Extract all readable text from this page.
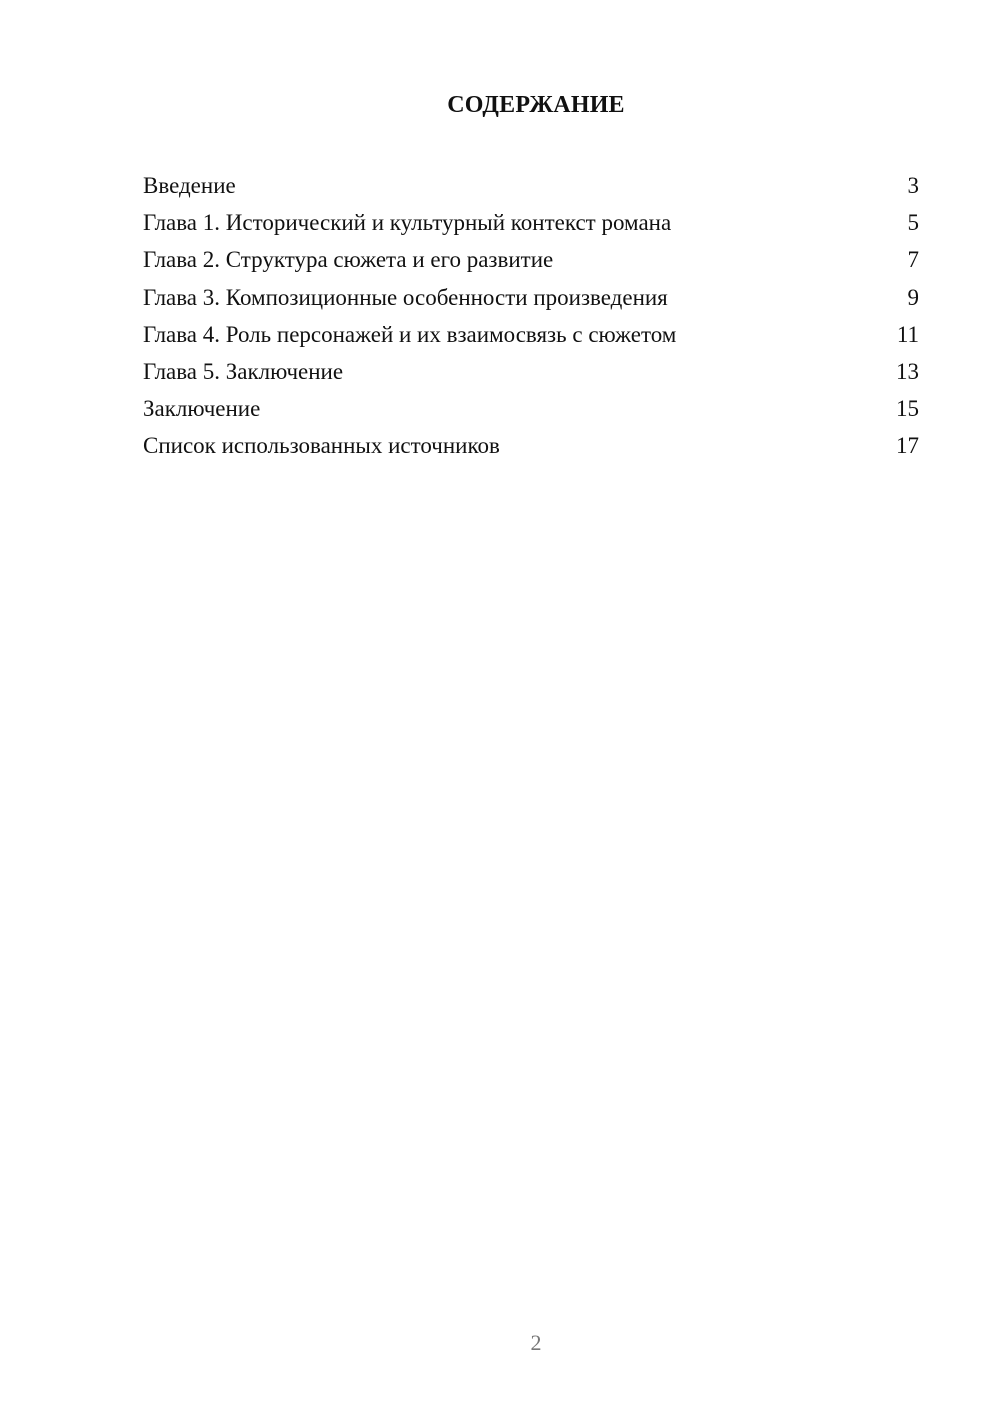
СОДЕРЖАНИЕ
Введение	3
Глава 1. Исторический и культурный контекст романа	5
Глава 2. Структура сюжета и его развитие	7
Глава 3. Композиционные особенности произведения	9
Глава 4. Роль персонажей и их взаимосвязь с сюжетом	11
Глава 5. Заключение	13
Заключение	15
Список использованных источников	17
2
